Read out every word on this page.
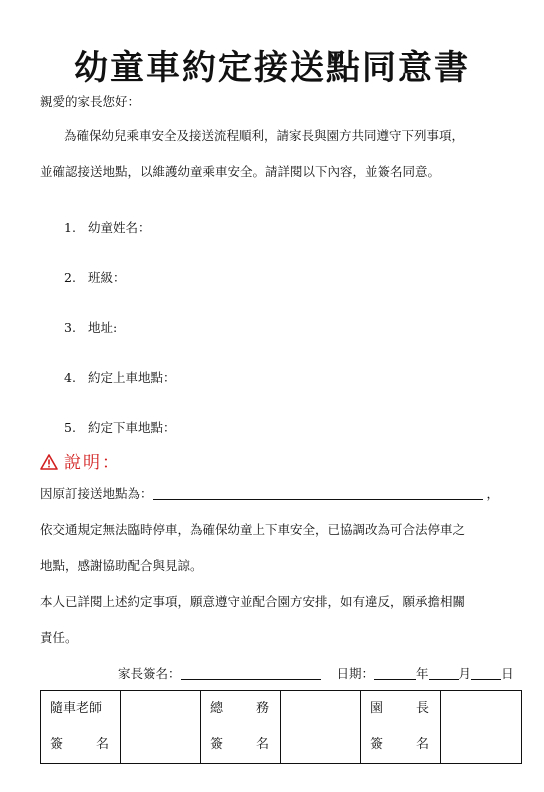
幼童車約定接送點同意書
親愛的家長您好：
為確保幼兒乘車安全及接送流程順利，請家長與園方共同遵守下列事項，
並確認接送地點，以維護幼童乘車安全。請詳閱以下內容，並簽名同意。
1. 幼童姓名：
2. 班級：
3. 地址:
4. 約定上車地點：
5. 約定下車地點：
說明：
因原訂接送地點為：	，
依交通規定無法臨時停車，為確保幼童上下車安全，已協調改為可合法停車之
地點，感謝協助配合與見諒。
本人已詳閱上述約定事項，願意遵守並配合園方安排，如有違反，願承擔相關
責任。
家長簽名：	日期：	年 月 日
隨車老師
簽	名

總	務
簽	名

園	長
簽	名
